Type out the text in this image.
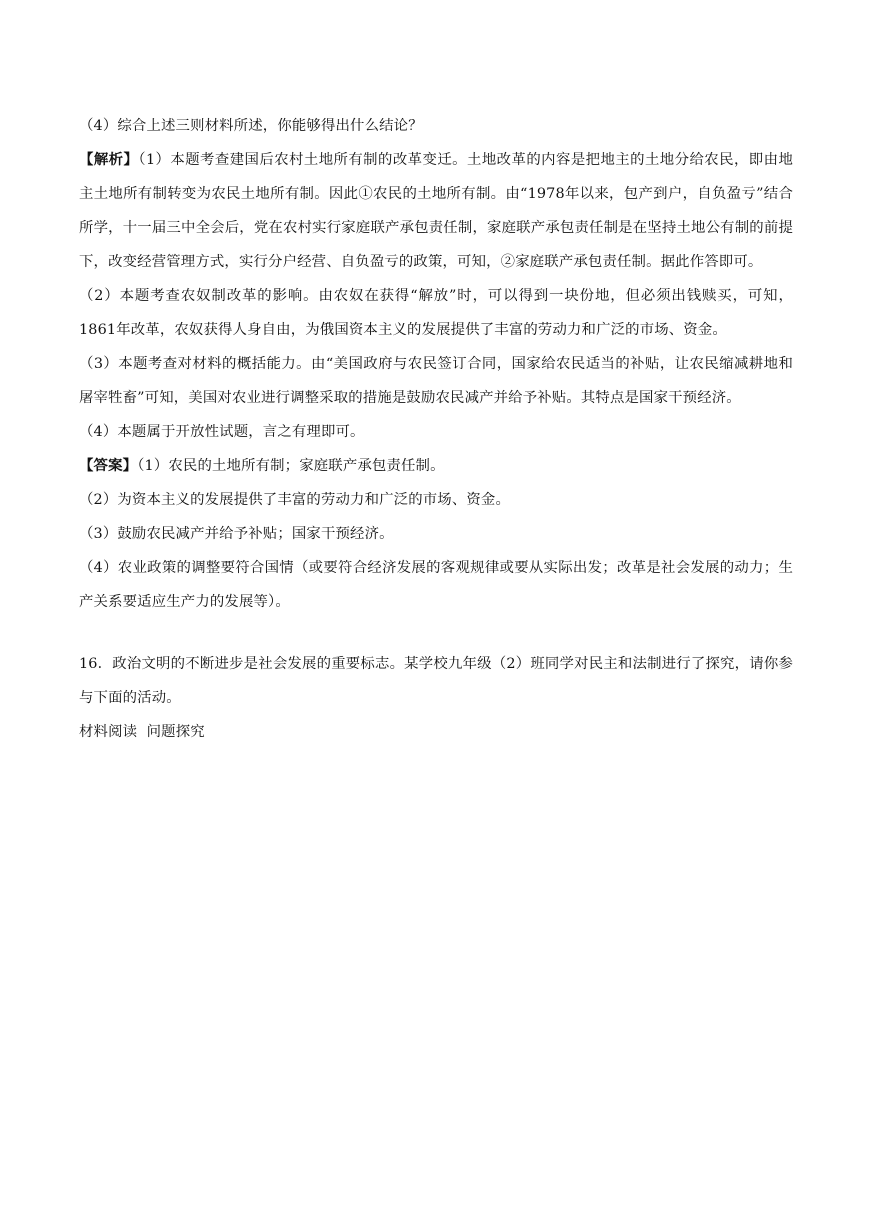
（4）综合上述三则材料所述，你能够得出什么结论？

【解析】（1）本题考查建国后农村土地所有制的改革变迁。土地改革的内容是把地主的土地分给农民，即由地主土地所有制转变为农民土地所有制。因此①农民的土地所有制。由“1978年以来，包产到户，自负盈亏”结合所学，十一届三中全会后，党在农村实行家庭联产承包责任制，家庭联产承包责任制是在坚持土地公有制的前提下，改变经营管理方式，实行分户经营、自负盈亏的政策，可知，②家庭联产承包责任制。据此作答即可。

（2）本题考查农奴制改革的影响。由农奴在获得“解放”时，可以得到一块份地，但必须出钱赎买，可知，1861年改革，农奴获得人身自由，为俄国资本主义的发展提供了丰富的劳动力和广泛的市场、资金。

（3）本题考查对材料的概括能力。由“美国政府与农民签订合同，国家给农民适当的补贴，让农民缩减耕地和屠宰牲畜”可知，美国对农业进行调整采取的措施是鼓励农民减产并给予补贴。其特点是国家干预经济。

（4）本题属于开放性试题，言之有理即可。

【答案】（1）农民的土地所有制；家庭联产承包责任制。

（2）为资本主义的发展提供了丰富的劳动力和广泛的市场、资金。

（3）鼓励农民减产并给予补贴；国家干预经济。

（4）农业政策的调整要符合国情（或要符合经济发展的客观规律或要从实际出发；改革是社会发展的动力；生产关系要适应生产力的发展等）。

16．政治文明的不断进步是社会发展的重要标志。某学校九年级（2）班同学对民主和法制进行了探究，请你参与下面的活动。

材料阅读  问题探究
